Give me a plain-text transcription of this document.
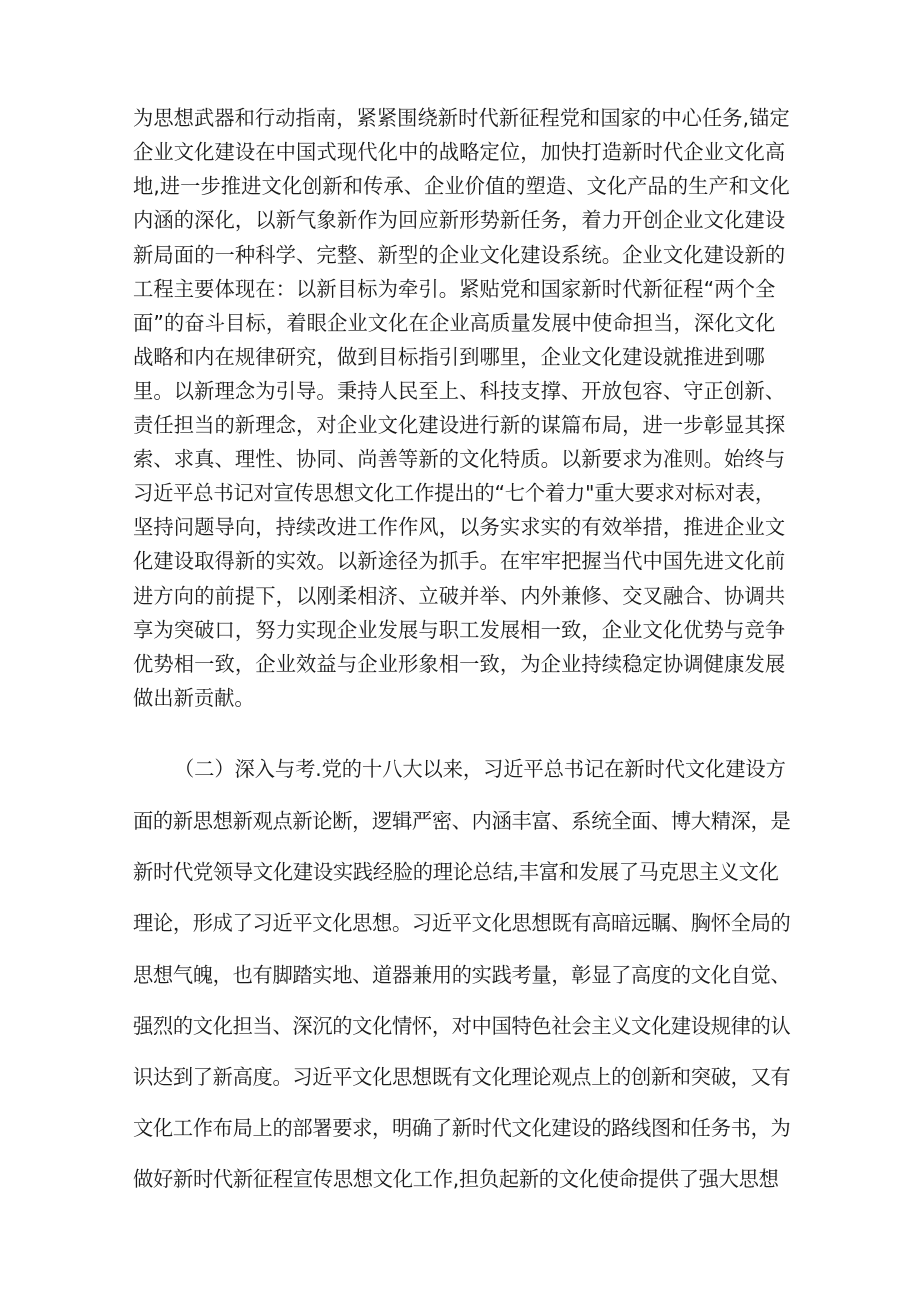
为思想武器和行动指南，紧紧围绕新时代新征程党和国家的中心任务,锚定
企业文化建设在中国式现代化中的战略定位，加快打造新时代企业文化高
地,进一步推进文化创新和传承、企业价值的塑造、文化产品的生产和文化
内涵的深化，以新气象新作为回应新形势新任务，着力开创企业文化建设
新局面的一种科学、完整、新型的企业文化建设系统。企业文化建设新的
工程主要体现在：以新目标为牵引。紧贴党和国家新时代新征程“两个全
面”的奋斗目标，着眼企业文化在企业高质量发展中使命担当，深化文化
战略和内在规律研究，做到目标指引到哪里，企业文化建设就推进到哪
里。以新理念为引导。秉持人民至上、科技支撑、开放包容、守正创新、
责任担当的新理念，对企业文化建设进行新的谋篇布局，进一步彰显其探
索、求真、理性、协同、尚善等新的文化特质。以新要求为准则。始终与
习近平总书记对宣传思想文化工作提出的“七个着力"重大要求对标对表，
坚持问题导向，持续改进工作作风，以务实求实的有效举措，推进企业文
化建设取得新的实效。以新途径为抓手。在牢牢把握当代中国先进文化前
进方向的前提下，以刚柔相济、立破并举、内外兼修、交叉融合、协调共
享为突破口，努力实现企业发展与职工发展相一致，企业文化优势与竞争
优势相一致，企业效益与企业形象相一致，为企业持续稳定协调健康发展
做出新贡献。
（二）深入与考.党的十八大以来，习近平总书记在新时代文化建设方
面的新思想新观点新论断，逻辑严密、内涵丰富、系统全面、博大精深，是
新时代党领导文化建设实践经脸的理论总结,丰富和发展了马克思主义文化
理论，形成了习近平文化思想。习近平文化思想既有高暗远瞩、胸怀全局的
思想气魄，也有脚踏实地、道器兼用的实践考量，彰显了高度的文化自觉、
强烈的文化担当、深沉的文化情怀，对中国特色社会主义文化建设规律的认
识达到了新高度。习近平文化思想既有文化理论观点上的创新和突破，又有
文化工作布局上的部署要求，明确了新时代文化建设的路线图和任务书，为
做好新时代新征程宣传思想文化工作,担负起新的文化使命提供了强大思想
